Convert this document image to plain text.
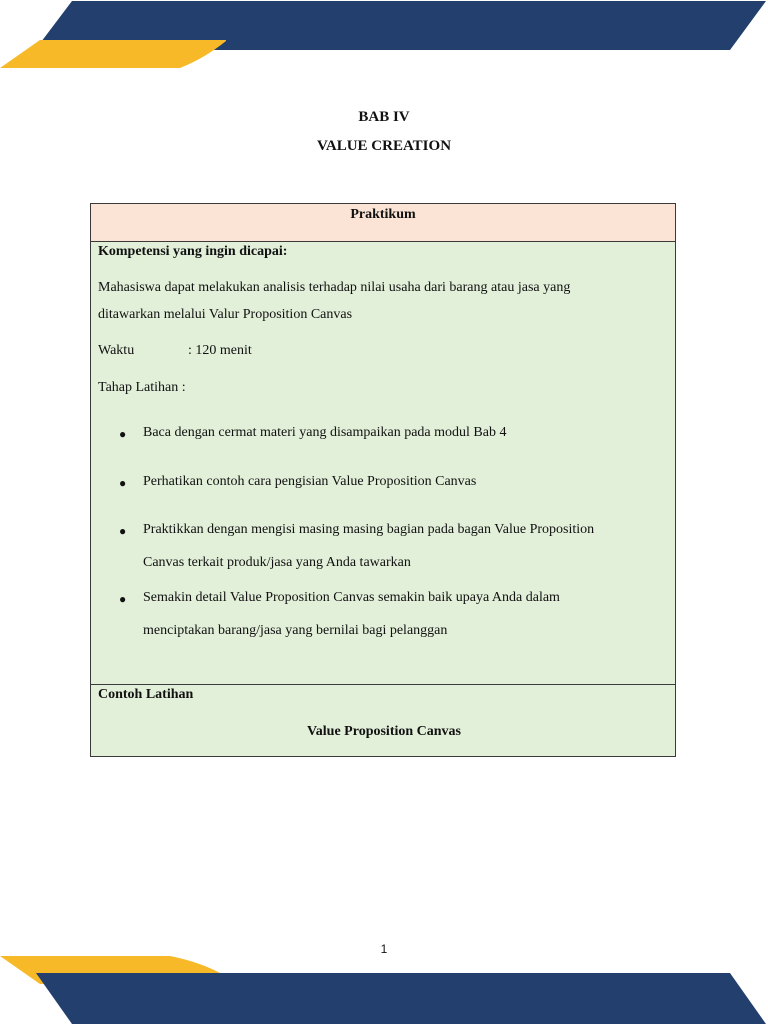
BAB IV
VALUE CREATION
Praktikum
Kompetensi yang ingin dicapai:
Mahasiswa dapat melakukan analisis terhadap nilai usaha dari barang atau jasa yang
ditawarkan melalui Valur Proposition Canvas
Waktu	: 120 menit
Tahap Latihan :
● Baca dengan cermat materi yang disampaikan pada modul Bab 4
● Perhatikan contoh cara pengisian Value Proposition Canvas
● Praktikkan dengan mengisi masing masing bagian pada bagan Value Proposition
Canvas terkait produk/jasa yang Anda tawarkan
● Semakin detail Value Proposition Canvas semakin baik upaya Anda dalam
menciptakan barang/jasa yang bernilai bagi pelanggan
Contoh Latihan
Value Proposition Canvas
1
